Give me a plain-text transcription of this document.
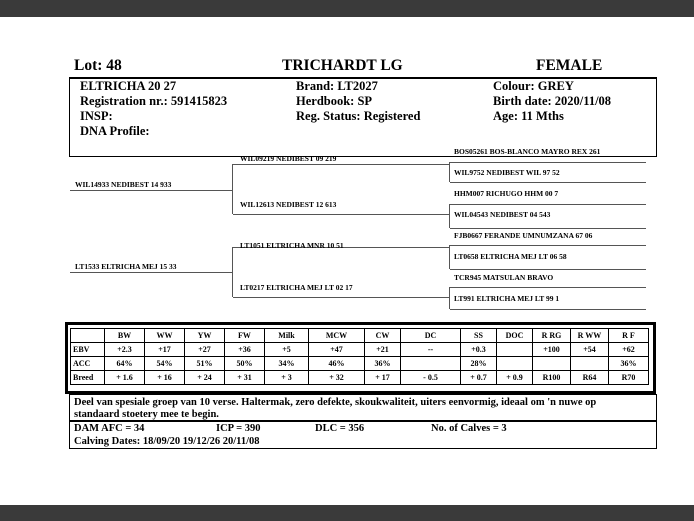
Lot: 48	TRICHARDT LG	FEMALE
ELTRICHA 20 27
Registration nr.: 591415823
INSP:
DNA Profile:
Brand: LT2027
Herdbook: SP
Reg. Status: Registered
Colour: GREY
Birth date: 2020/11/08
Age: 11 Mths
WIL14933 NEDIBEST 14 933
LT1533 ELTRICHA MEJ 15 33
WIL09219 NEDIBEST 09 219
WIL12613 NEDIBEST 12 613
LT1051 ELTRICHA MNR 10 51
LT0217 ELTRICHA MEJ LT 02 17
BOS05261 BOS-BLANCO MAYRO REX 261
WIL9752 NEDIBEST WIL 97 52
HHM007 RICHUGO HHM 00 7
WIL04543 NEDIBEST 04 543
FJB0667 FERANDE UMNUMZANA 67 06
LT0658 ELTRICHA MEJ LT 06 58
TCR945 MATSULAN BRAVO
LT991 ELTRICHA MEJ LT 99 1
	BW	WW	YW	FW	Milk	MCW	CW	DC	SS	DOC	R RG	R WW	R F
EBV	+2.3	+17	+27	+36	+5	+47	+21	--	+0.3		+100	+54	+62
ACC	64%	54%	51%	50%	34%	46%	36%		28%				36%
Breed	+ 1.6	+ 16	+ 24	+ 31	+ 3	+ 32	+ 17	- 0.5	+ 0.7	+ 0.9	R100	R64	R70
Deel van spesiale groep van 10 verse. Haltermak, zero defekte, skoukwaliteit, uiters eenvormig, ideaal om 'n nuwe op
standaard stoetery mee te begin.
DAM AFC = 34	ICP = 390	DLC = 356	No. of Calves = 3
Calving Dates: 18/09/20 19/12/26 20/11/08
